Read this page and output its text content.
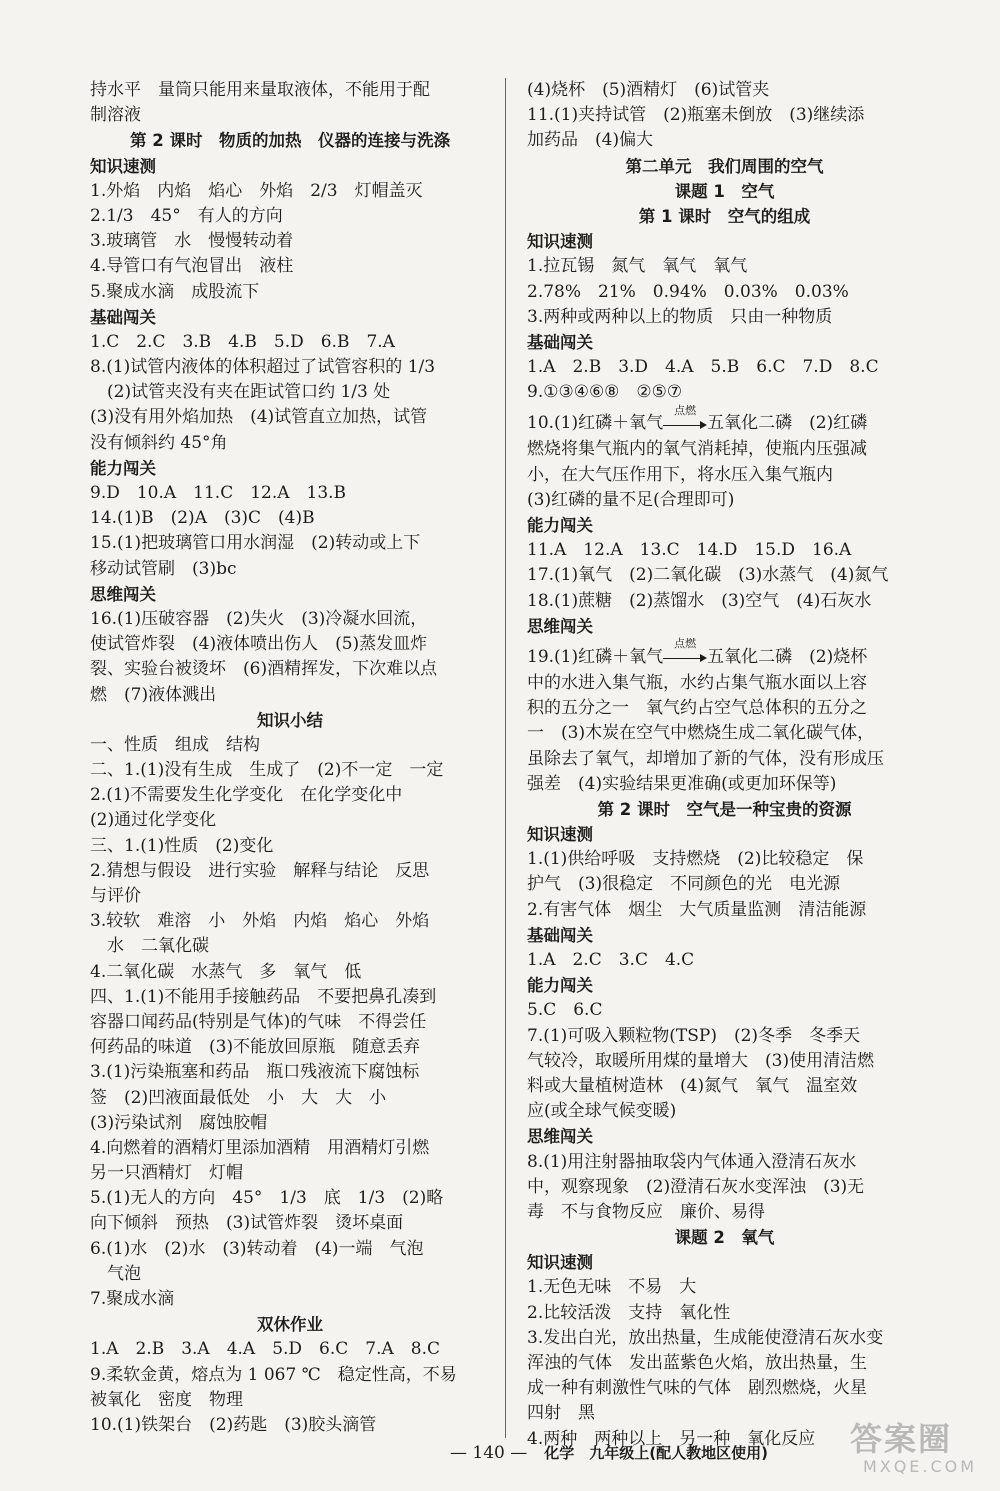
持水平　量筒只能用来量取液体，不能用于配
制溶液
第 2 课时　物质的加热　仪器的连接与洗涤
知识速测
1.外焰　内焰　焰心　外焰　2/3　灯帽盖灭
2.1/3　45°　有人的方向
3.玻璃管　水　慢慢转动着
4.导管口有气泡冒出　液柱
5.聚成水滴　成股流下
基础闯关
1.C　2.C　3.B　4.B　5.D　6.B　7.A
8.(1)试管内液体的体积超过了试管容积的 1/3
　(2)试管夹没有夹在距试管口约 1/3 处
(3)没有用外焰加热　(4)试管直立加热，试管
没有倾斜约 45°角
能力闯关
9.D　10.A　11.C　12.A　13.B
14.(1)B　(2)A　(3)C　(4)B
15.(1)把玻璃管口用水润湿　(2)转动或上下
移动试管刷　(3)bc
思维闯关
16.(1)压破容器　(2)失火　(3)冷凝水回流，
使试管炸裂　(4)液体喷出伤人　(5)蒸发皿炸
裂、实验台被烫坏　(6)酒精挥发，下次难以点
燃　(7)液体溅出
知识小结
一、性质　组成　结构
二、1.(1)没有生成　生成了　(2)不一定　一定
2.(1)不需要发生化学变化　在化学变化中
(2)通过化学变化
三、1.(1)性质　(2)变化
2.猜想与假设　进行实验　解释与结论　反思
与评价
3.较软　难溶　小　外焰　内焰　焰心　外焰
　水　二氧化碳
4.二氧化碳　水蒸气　多　氧气　低
四、1.(1)不能用手接触药品　不要把鼻孔凑到
容器口闻药品(特别是气体)的气味　不得尝任
何药品的味道　(3)不能放回原瓶　随意丢弃
3.(1)污染瓶塞和药品　瓶口残液流下腐蚀标
签　(2)凹液面最低处　小　大　大　小
(3)污染试剂　腐蚀胶帽
4.向燃着的酒精灯里添加酒精　用酒精灯引燃
另一只酒精灯　灯帽
5.(1)无人的方向　45°　1/3　底　1/3　(2)略
向下倾斜　预热　(3)试管炸裂　烫坏桌面
6.(1)水　(2)水　(3)转动着　(4)一端　气泡
　气泡
7.聚成水滴
双休作业
1.A　2.B　3.A　4.A　5.D　6.C　7.A　8.C
9.柔软金黄，熔点为 1 067 ℃　稳定性高，不易
被氧化　密度　物理
10.(1)铁架台　(2)药匙　(3)胶头滴管
(4)烧杯　(5)酒精灯　(6)试管夹
11.(1)夹持试管　(2)瓶塞未倒放　(3)继续添
加药品　(4)偏大
第二单元　我们周围的空气
课题 1　空气
第 1 课时　空气的组成
知识速测
1.拉瓦锡　氮气　氧气　氧气
2.78%　21%　0.94%　0.03%　0.03%
3.两种或两种以上的物质　只由一种物质
基础闯关
1.A　2.B　3.D　4.A　5.B　6.C　7.D　8.C
9.①③④⑥⑧　②⑤⑦
10.(1)红磷＋氧气
点燃
五氧化二磷　(2)红磷
燃烧将集气瓶内的氧气消耗掉，使瓶内压强减
小，在大气压作用下，将水压入集气瓶内
(3)红磷的量不足(合理即可)
能力闯关
11.A　12.A　13.C　14.D　15.D　16.A
17.(1)氧气　(2)二氧化碳　(3)水蒸气　(4)氮气
18.(1)蔗糖　(2)蒸馏水　(3)空气　(4)石灰水
思维闯关
19.(1)红磷＋氧气
点燃
五氧化二磷　(2)烧杯
中的水进入集气瓶，水约占集气瓶水面以上容
积的五分之一　氧气约占空气总体积的五分之
一　(3)木炭在空气中燃烧生成二氧化碳气体，
虽除去了氧气，却增加了新的气体，没有形成压
强差　(4)实验结果更准确(或更加环保等)
第 2 课时　空气是一种宝贵的资源
知识速测
1.(1)供给呼吸　支持燃烧　(2)比较稳定　保
护气　(3)很稳定　不同颜色的光　电光源
2.有害气体　烟尘　大气质量监测　清洁能源
基础闯关
1.A　2.C　3.C　4.C
能力闯关
5.C　6.C
7.(1)可吸入颗粒物(TSP)　(2)冬季　冬季天
气较冷，取暖所用煤的量增大　(3)使用清洁燃
料或大量植树造林　(4)氮气　氧气　温室效
应(或全球气候变暖)
思维闯关
8.(1)用注射器抽取袋内气体通入澄清石灰水
中，观察现象　(2)澄清石灰水变浑浊　(3)无
毒　不与食物反应　廉价、易得
课题 2　氧气
知识速测
1.无色无味　不易　大
2.比较活泼　支持　氧化性
3.发出白光，放出热量，生成能使澄清石灰水变
浑浊的气体　发出蓝紫色火焰，放出热量，生
成一种有刺激性气味的气体　剧烈燃烧，火星
四射　黑
4.两种　两种以上　另一种　氧化反应
— 140 —　 化学　九年级上(配人教地区使用)	答案圈
MXQE.COM
